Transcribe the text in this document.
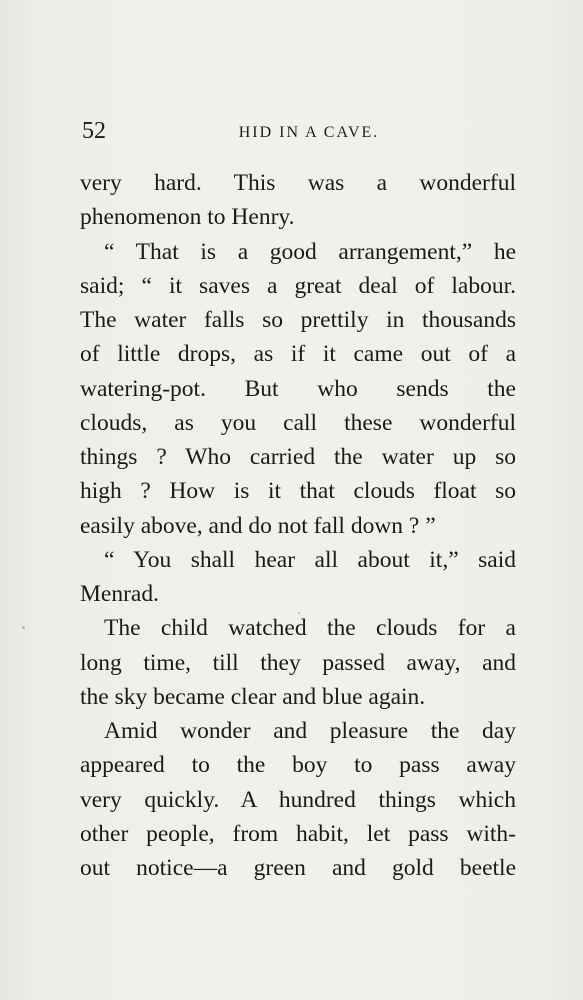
52	HID IN A CAVE.
very hard. This was a wonderful
phenomenon to Henry.
“ That is a good arrangement,” he
said; “ it saves a great deal of labour.
The water falls so prettily in thousands
of little drops, as if it came out of a
watering-pot. But who sends the
clouds, as you call these wonderful
things ? Who carried the water up so
high ? How is it that clouds float so
easily above, and do not fall down ? ”
“ You shall hear all about it,” said
Menrad.
The child watched the clouds for a
long time, till they passed away, and
the sky became clear and blue again.
Amid wonder and pleasure the day
appeared to the boy to pass away
very quickly. A hundred things which
other people, from habit, let pass with-
out notice—a green and gold beetle
